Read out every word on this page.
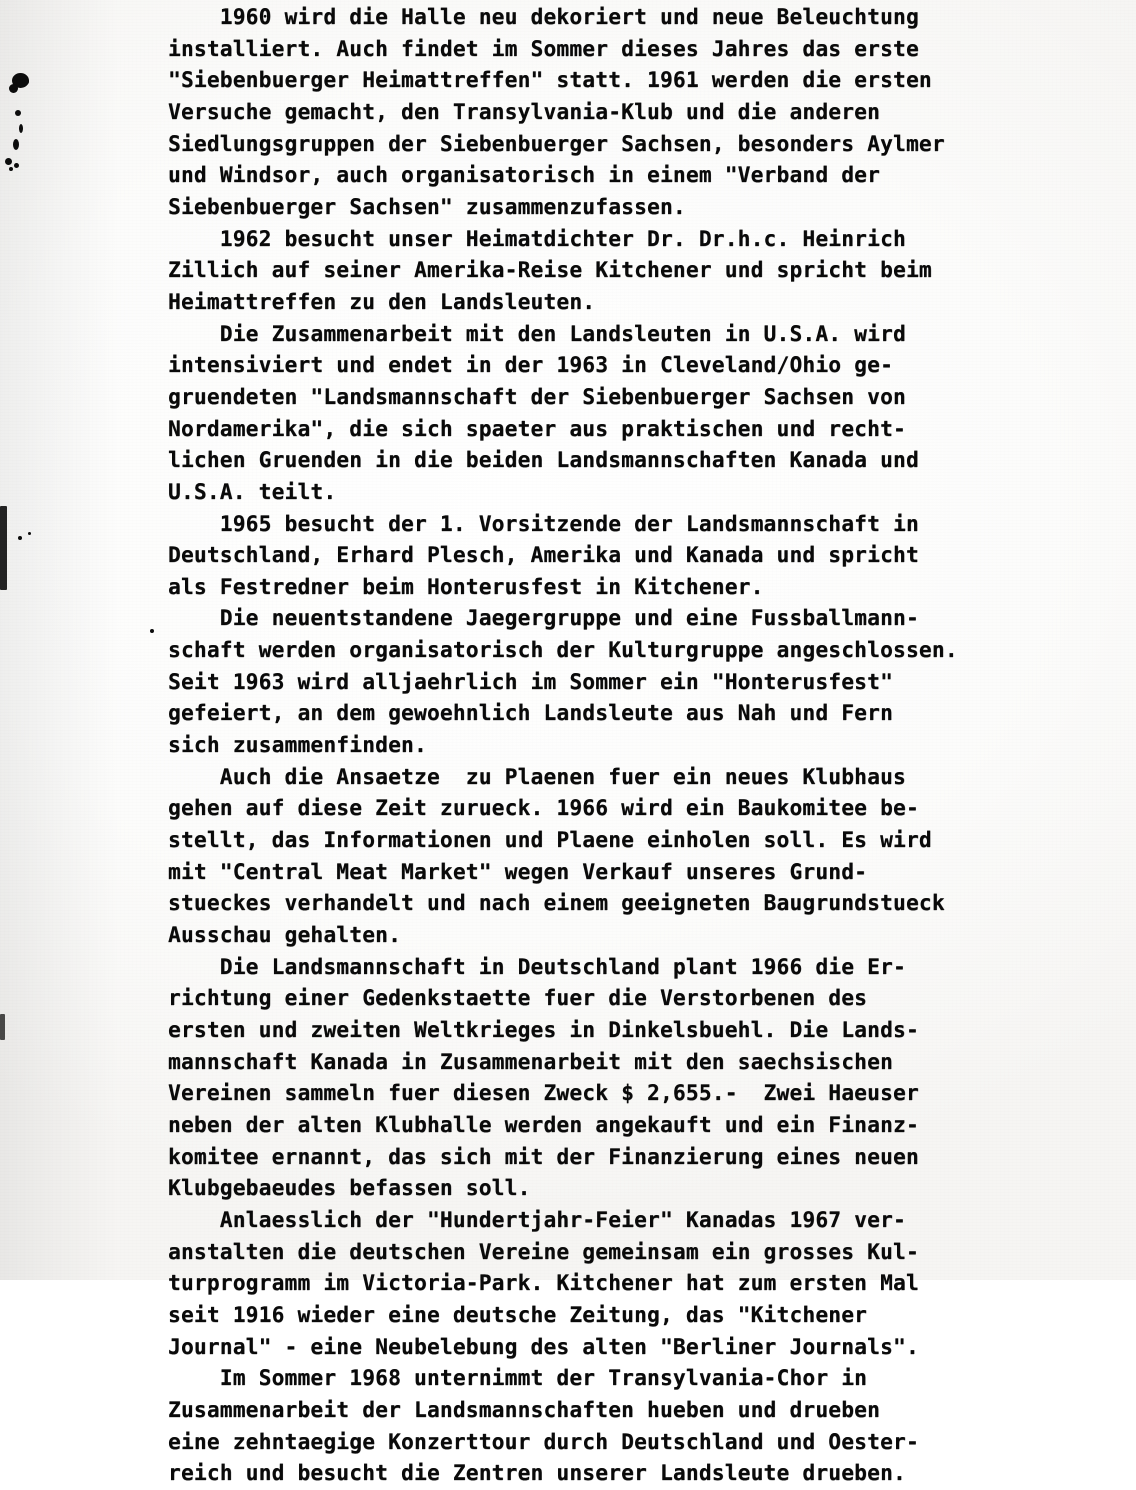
1960 wird die Halle neu dekoriert und neue Beleuchtung
installiert. Auch findet im Sommer dieses Jahres das erste
"Siebenbuerger Heimattreffen" statt. 1961 werden die ersten
Versuche gemacht, den Transylvania-Klub und die anderen
Siedlungsgruppen der Siebenbuerger Sachsen, besonders Aylmer
und Windsor, auch organisatorisch in einem "Verband der
Siebenbuerger Sachsen" zusammenzufassen.
1962 besucht unser Heimatdichter Dr. Dr.h.c. Heinrich
Zillich auf seiner Amerika-Reise Kitchener und spricht beim
Heimattreffen zu den Landsleuten.
Die Zusammenarbeit mit den Landsleuten in U.S.A. wird
intensiviert und endet in der 1963 in Cleveland/Ohio ge-
gruendeten "Landsmannschaft der Siebenbuerger Sachsen von
Nordamerika", die sich spaeter aus praktischen und recht-
lichen Gruenden in die beiden Landsmannschaften Kanada und
U.S.A. teilt.
1965 besucht der 1. Vorsitzende der Landsmannschaft in
Deutschland, Erhard Plesch, Amerika und Kanada und spricht
als Festredner beim Honterusfest in Kitchener.
Die neuentstandene Jaegergruppe und eine Fussballmann-
schaft werden organisatorisch der Kulturgruppe angeschlossen.
Seit 1963 wird alljaehrlich im Sommer ein "Honterusfest"
gefeiert, an dem gewoehnlich Landsleute aus Nah und Fern
sich zusammenfinden.
Auch die Ansaetze  zu Plaenen fuer ein neues Klubhaus
gehen auf diese Zeit zurueck. 1966 wird ein Baukomitee be-
stellt, das Informationen und Plaene einholen soll. Es wird
mit "Central Meat Market" wegen Verkauf unseres Grund-
stueckes verhandelt und nach einem geeigneten Baugrundstueck
Ausschau gehalten.
Die Landsmannschaft in Deutschland plant 1966 die Er-
richtung einer Gedenkstaette fuer die Verstorbenen des
ersten und zweiten Weltkrieges in Dinkelsbuehl. Die Lands-
mannschaft Kanada in Zusammenarbeit mit den saechsischen
Vereinen sammeln fuer diesen Zweck $ 2,655.-  Zwei Haeuser
neben der alten Klubhalle werden angekauft und ein Finanz-
komitee ernannt, das sich mit der Finanzierung eines neuen
Klubgebaeudes befassen soll.
Anlaesslich der "Hundertjahr-Feier" Kanadas 1967 ver-
anstalten die deutschen Vereine gemeinsam ein grosses Kul-
turprogramm im Victoria-Park. Kitchener hat zum ersten Mal
seit 1916 wieder eine deutsche Zeitung, das "Kitchener
Journal" - eine Neubelebung des alten "Berliner Journals".
Im Sommer 1968 unternimmt der Transylvania-Chor in
Zusammenarbeit der Landsmannschaften hueben und drueben
eine zehntaegige Konzerttour durch Deutschland und Oester-
reich und besucht die Zentren unserer Landsleute drueben.
